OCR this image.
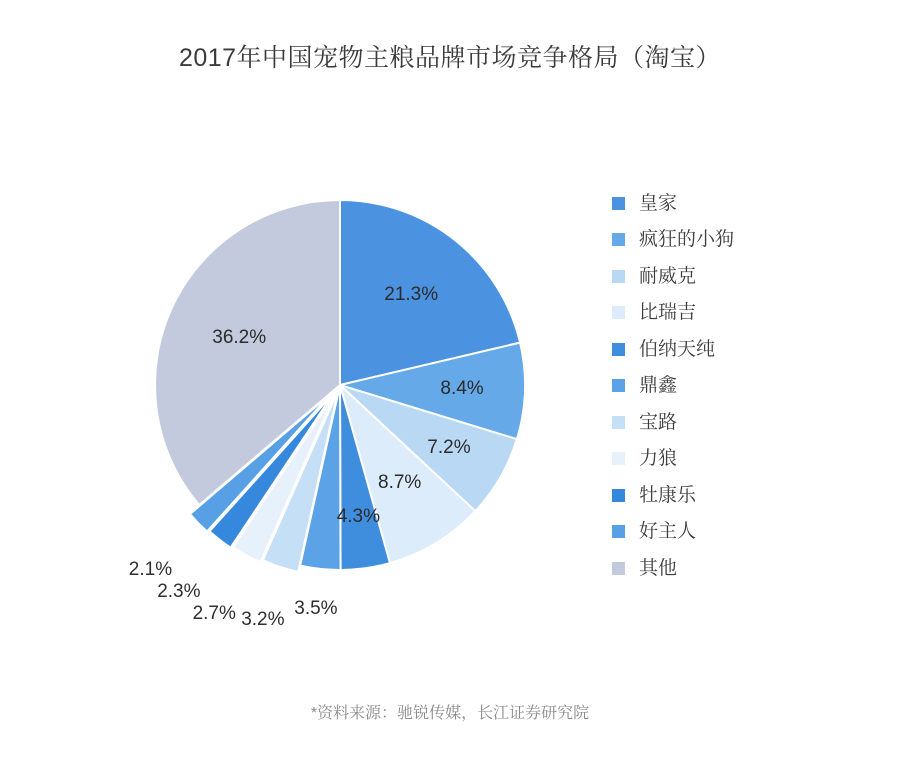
2017年中国宠物主粮品牌市场竞争格局（淘宝）
21.3%
8.4%
7.2%
8.7%
4.3%
3.5%
3.2%
2.7%
2.3%
2.1%
36.2%
皇家
疯狂的小狗
耐威克
比瑞吉
伯纳天纯
鼎鑫
宝路
力狼
牡康乐
好主人
其他
*资料来源：驰锐传媒，长江证券研究院
